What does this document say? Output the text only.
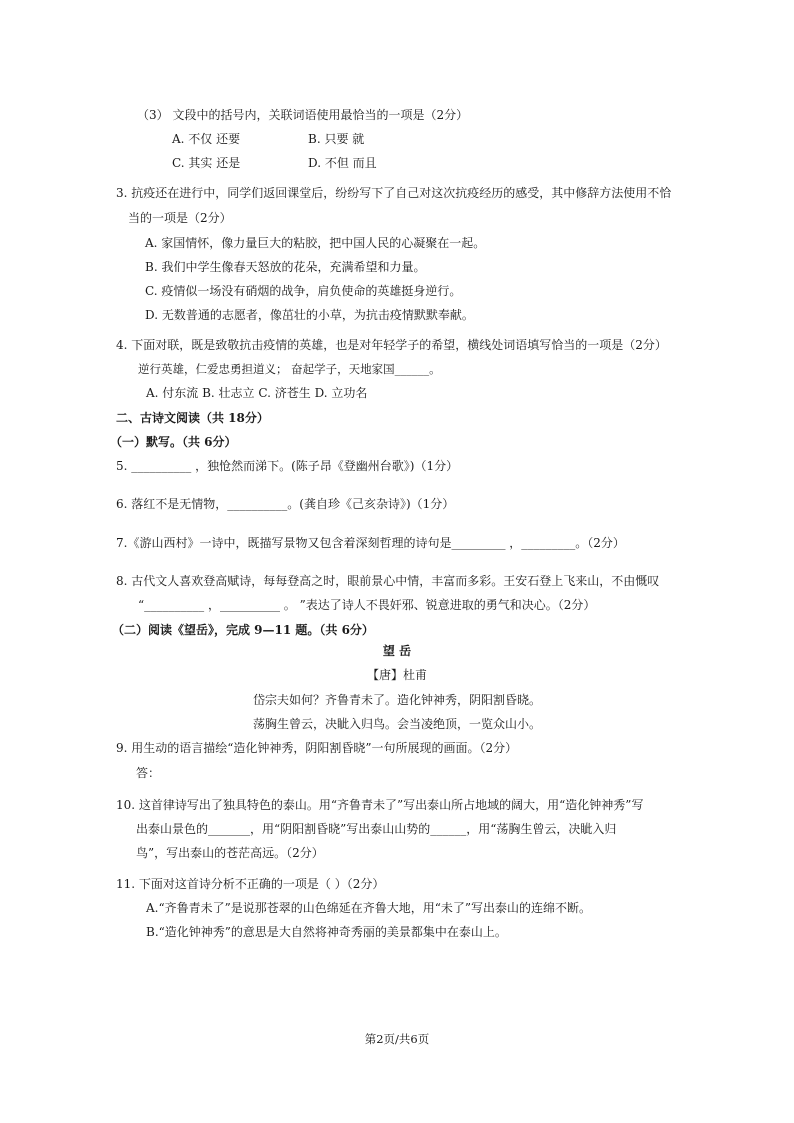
（3） 文段中的括号内，关联词语使用最恰当的一项是（2分）
A. 不仅 还要	B. 只要 就
C. 其实 还是	D. 不但 而且
3. 抗疫还在进行中，同学们返回课堂后，纷纷写下了自己对这次抗疫经历的感受，其中修辞方法使用不恰
当的一项是（2分）
A. 家国情怀，像力量巨大的粘胶，把中国人民的心凝聚在一起。
B. 我们中学生像春天怒放的花朵，充满希望和力量。
C. 疫情似一场没有硝烟的战争，肩负使命的英雄挺身逆行。
D. 无数普通的志愿者，像茁壮的小草，为抗击疫情默默奉献。
4. 下面对联，既是致敬抗击疫情的英雄，也是对年轻学子的希望，横线处词语填写恰当的一项是（2分）
逆行英雄，仁爱忠勇担道义； 奋起学子，天地家国______。
A. 付东流 B. 壮志立 C. 济苍生 D. 立功名
二、古诗文阅读（共 18分）
（一）默写。（共 6分）
5. __________ ，独怆然而涕下。(陈子昂《登幽州台歌》)（1分）
6. 落红不是无情物，__________。(龚自珍《己亥杂诗》)（1分）
7.《游山西村》一诗中，既描写景物又包含着深刻哲理的诗句是_________ ，_________。（2分）
8. 古代文人喜欢登高赋诗，每每登高之时，眼前景心中情，丰富而多彩。王安石登上飞来山，不由慨叹
“__________ ，__________ 。 ”表达了诗人不畏奸邪、锐意进取的勇气和决心。（2分）
（二）阅读《望岳》，完成 9—11 题。（共 6分）
望 岳
【唐】杜甫
岱宗夫如何？齐鲁青未了。造化钟神秀，阴阳割昏晓。
荡胸生曾云，决眦入归鸟。会当凌绝顶，一览众山小。
9. 用生动的语言描绘“造化钟神秀，阴阳割昏晓”一句所展现的画面。（2分）
答：
10. 这首律诗写出了独具特色的泰山。用“齐鲁青未了”写出泰山所占地域的阔大，用“造化钟神秀”写
出泰山景色的_______，用“阴阳割昏晓”写出泰山山势的______，用“荡胸生曾云，决眦入归
鸟”，写出泰山的苍茫高远。（2分）
11. 下面对这首诗分析不正确的一项是（ ）（2分）
A.“齐鲁青未了”是说那苍翠的山色绵延在齐鲁大地，用“未了”写出泰山的连绵不断。
B.“造化钟神秀”的意思是大自然将神奇秀丽的美景都集中在泰山上。
第2页/共6页
